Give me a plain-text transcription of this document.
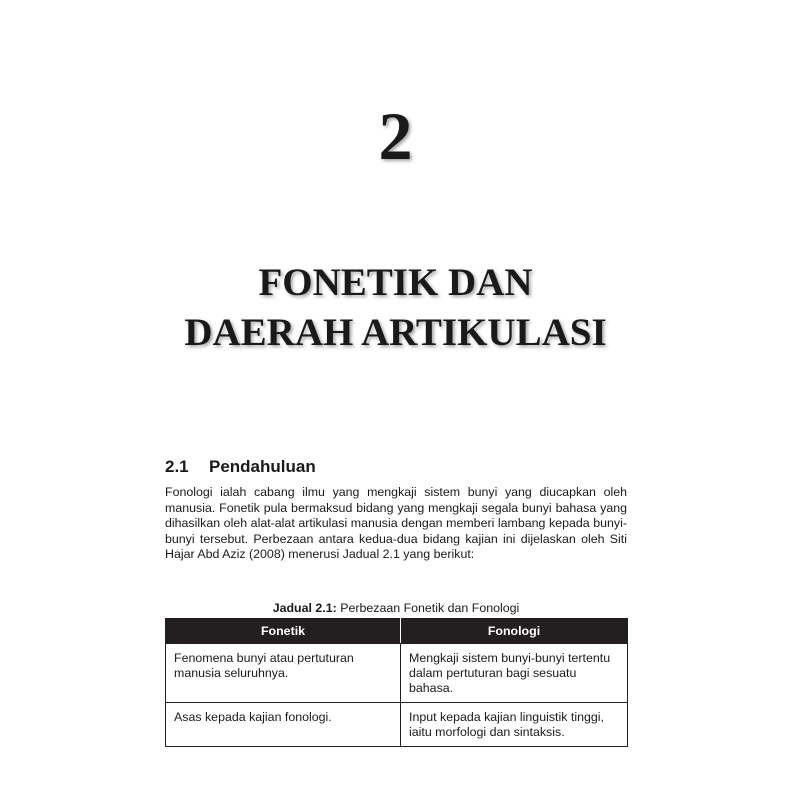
2
FONETIK DAN
DAERAH ARTIKULASI
2.1 Pendahuluan

Fonologi ialah cabang ilmu yang mengkaji sistem bunyi yang diucapkan oleh manusia. Fonetik pula bermaksud bidang yang mengkaji segala bunyi bahasa yang dihasilkan oleh alat-alat artikulasi manusia dengan memberi lambang kepada bunyi-bunyi tersebut. Perbezaan antara kedua-dua bidang kajian ini dijelaskan oleh Siti Hajar Abd Aziz (2008) menerusi Jadual 2.1 yang berikut:

Jadual 2.1: Perbezaan Fonetik dan Fonologi
Fonetik	Fonologi
Fenomena bunyi atau pertuturan manusia seluruhnya.	Mengkaji sistem bunyi-bunyi tertentu dalam pertuturan bagi sesuatu bahasa.
Asas kepada kajian fonologi.	Input kepada kajian linguistik tinggi, iaitu morfologi dan sintaksis.
